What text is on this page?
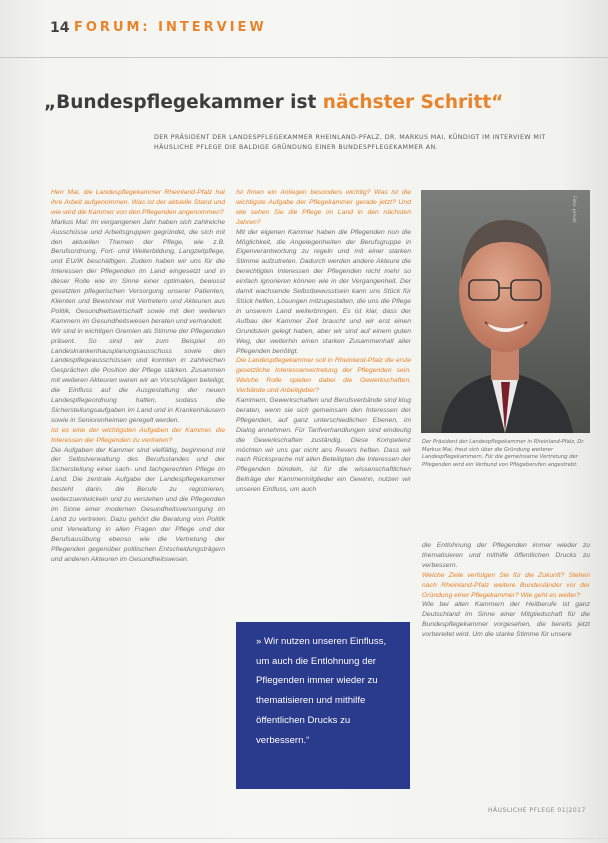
14 FORUM: INTERVIEW
„Bundespflegekammer ist nächster Schritt“
DER PRÄSIDENT DER LANDESPFLEGEKAMMER RHEINLAND-PFALZ, DR. MARKUS MAI, KÜNDIGT IM INTERVIEW MIT HÄUSLICHE PFLEGE DIE BALDIGE GRÜNDUNG EINER BUNDESPFLEGEKAMMER AN.

Herr Mai, die Landespflegekammer Rheinland-Pfalz hat ihre Arbeit aufgenommen. Was ist der aktuelle Stand und wie wird die Kammer von den Pflegenden angenommen?

Markus Mai: Im vergangenen Jahr haben sich zahlreiche Ausschüsse und Arbeitsgruppen gegründet, die sich mit den aktuellen Themen der Pflege, wie z.B. Berufsordnung, Fort- und Weiterbildung, Langzeitpflege, und EU/IK beschäftigen. Zudem haben wir uns für die Interessen der Pflegenden im Land eingesetzt und in dieser Rolle wie im Sinne einer optimalen, bewusst gesetzten pflegerischen Versorgung unserer Patienten, Klienten und Bewohner mit Vertretern und Akteuren aus Politik, Gesundheitswirtschaft sowie mit den weiteren Kammern im Gesundheitswesen beraten und verhandelt.

Wir sind in wichtigen Gremien als Stimme der Pflegenden präsent. So sind wir zum Beispiel im Landeskrankenhausplanungsausschuss sowie den Landespflegeausschüssen und konnten in zahlreichen Gesprächen die Position der Pflege stärken. Zusammen mit weiteren Akteuren waren wir an Vorschlägen beteiligt, die Einfluss auf die Ausgestaltung der neuen Landespflegeordnung hatten, sodass die Sicherstellungsaufgaben im Land und in Krankenhäusern sowie in Seniorenheimen geregelt werden.

Ist es eine der wichtigsten Aufgaben der Kammer, die Interessen der Pflegenden zu vertreten?

Die Aufgaben der Kammer sind vielfältig, beginnend mit der Selbstverwaltung des Berufsstandes und der Sicherstellung einer sach- und fachgerechten Pflege im Land. Die zentrale Aufgabe der Landespflegekammer besteht darin, die Berufe zu registrieren, weiterzuentwickeln und zu verstehen und die Pflegenden im Sinne einer modernen Gesundheitsversorgung im Land zu vertreten. Dazu gehört die Beratung von Politik und Verwaltung in allen Fragen der Pflege und der Berufsausübung ebenso wie die Vertretung der Pflegenden gegenüber politischen Entscheidungsträgern und anderen Akteuren im Gesundheitswesen.

Ist Ihnen ein Anliegen besonders wichtig? Was ist die wichtigste Aufgabe der Pflegekammer gerade jetzt? Und wie sehen Sie die Pflege im Land in den nächsten Jahren?

Mit der eigenen Kammer haben die Pflegenden nun die Möglichkeit, die Angelegenheiten der Berufsgruppe in Eigenverantwortung zu regeln und mit einer starken Stimme aufzutreten. Dadurch werden andere Akteure die berechtigten Interessen der Pflegenden nicht mehr so einfach ignorieren können wie in der Vergangenheit. Der damit wachsende Selbstbewusstsein kann uns Stück für Stück helfen, Lösungen mitzugestalten, die uns die Pflege in unserem Land weiterbringen. Es ist klar, dass der Aufbau der Kammer Zeit braucht und wir erst einen Grundstein gelegt haben, aber wir sind auf einem guten Weg, der weiterhin einen starken Zusammenhalt aller Pflegenden benötigt.

Die Landespflegekammer soll in Rheinland-Pfalz die erste gesetzliche Interessenvertretung der Pflegenden sein. Welche Rolle spielen dabei die Gewerkschaften, Verbände und Arbeitgeber?

Kammern, Gewerkschaften und Berufsverbände sind klug beraten, wenn sie sich gemeinsam den Interessen der Pflegenden, auf ganz unterschiedlichen Ebenen, im Dialog annehmen. Für Tarifverhandlungen sind eindeutig die Gewerkschaften zuständig. Diese Kompetenz möchten wir uns gar nicht ans Revers heften. Dass wir nach Rücksprache mit allen Beteiligten die Interessen der Pflegenden bündeln, ist für die wissenschaftlichen Beiträge der Kammermitglieder ein Gewinn, nutzen wir unseren Einfluss, um auch

Foto: privat
Der Präsident der Landespflegekammer in Rheinland-Pfalz, Dr. Markus Mai, freut sich über die Gründung weiterer Landespflegekammern. Für die gemeinsame Vertretung der Pflegenden wird ein Verbund von Pflegeberufen angestrebt.

die Entlohnung der Pflegenden immer wieder zu thematisieren und mithilfe öffentlichen Drucks zu verbessern.

Welche Ziele verfolgen Sie für die Zukunft? Stehen nach Rheinland-Pfalz weitere Bundesländer vor der Gründung einer Pflegekammer? Wie geht es weiter?

Wie bei allen Kammern der Heilberufe ist ganz Deutschland im Sinne einer Mitgliedschaft für die Bundespflegekammer vorgesehen, die bereits jetzt vorbereitet wird. Um die starke Stimme für unsere

» Wir nutzen unseren Einfluss, um auch die Entlohnung der Pflegenden immer wieder zu thematisieren und mithilfe öffentlichen Drucks zu verbessern.“
HÄUSLICHE PFLEGE 01|2017
